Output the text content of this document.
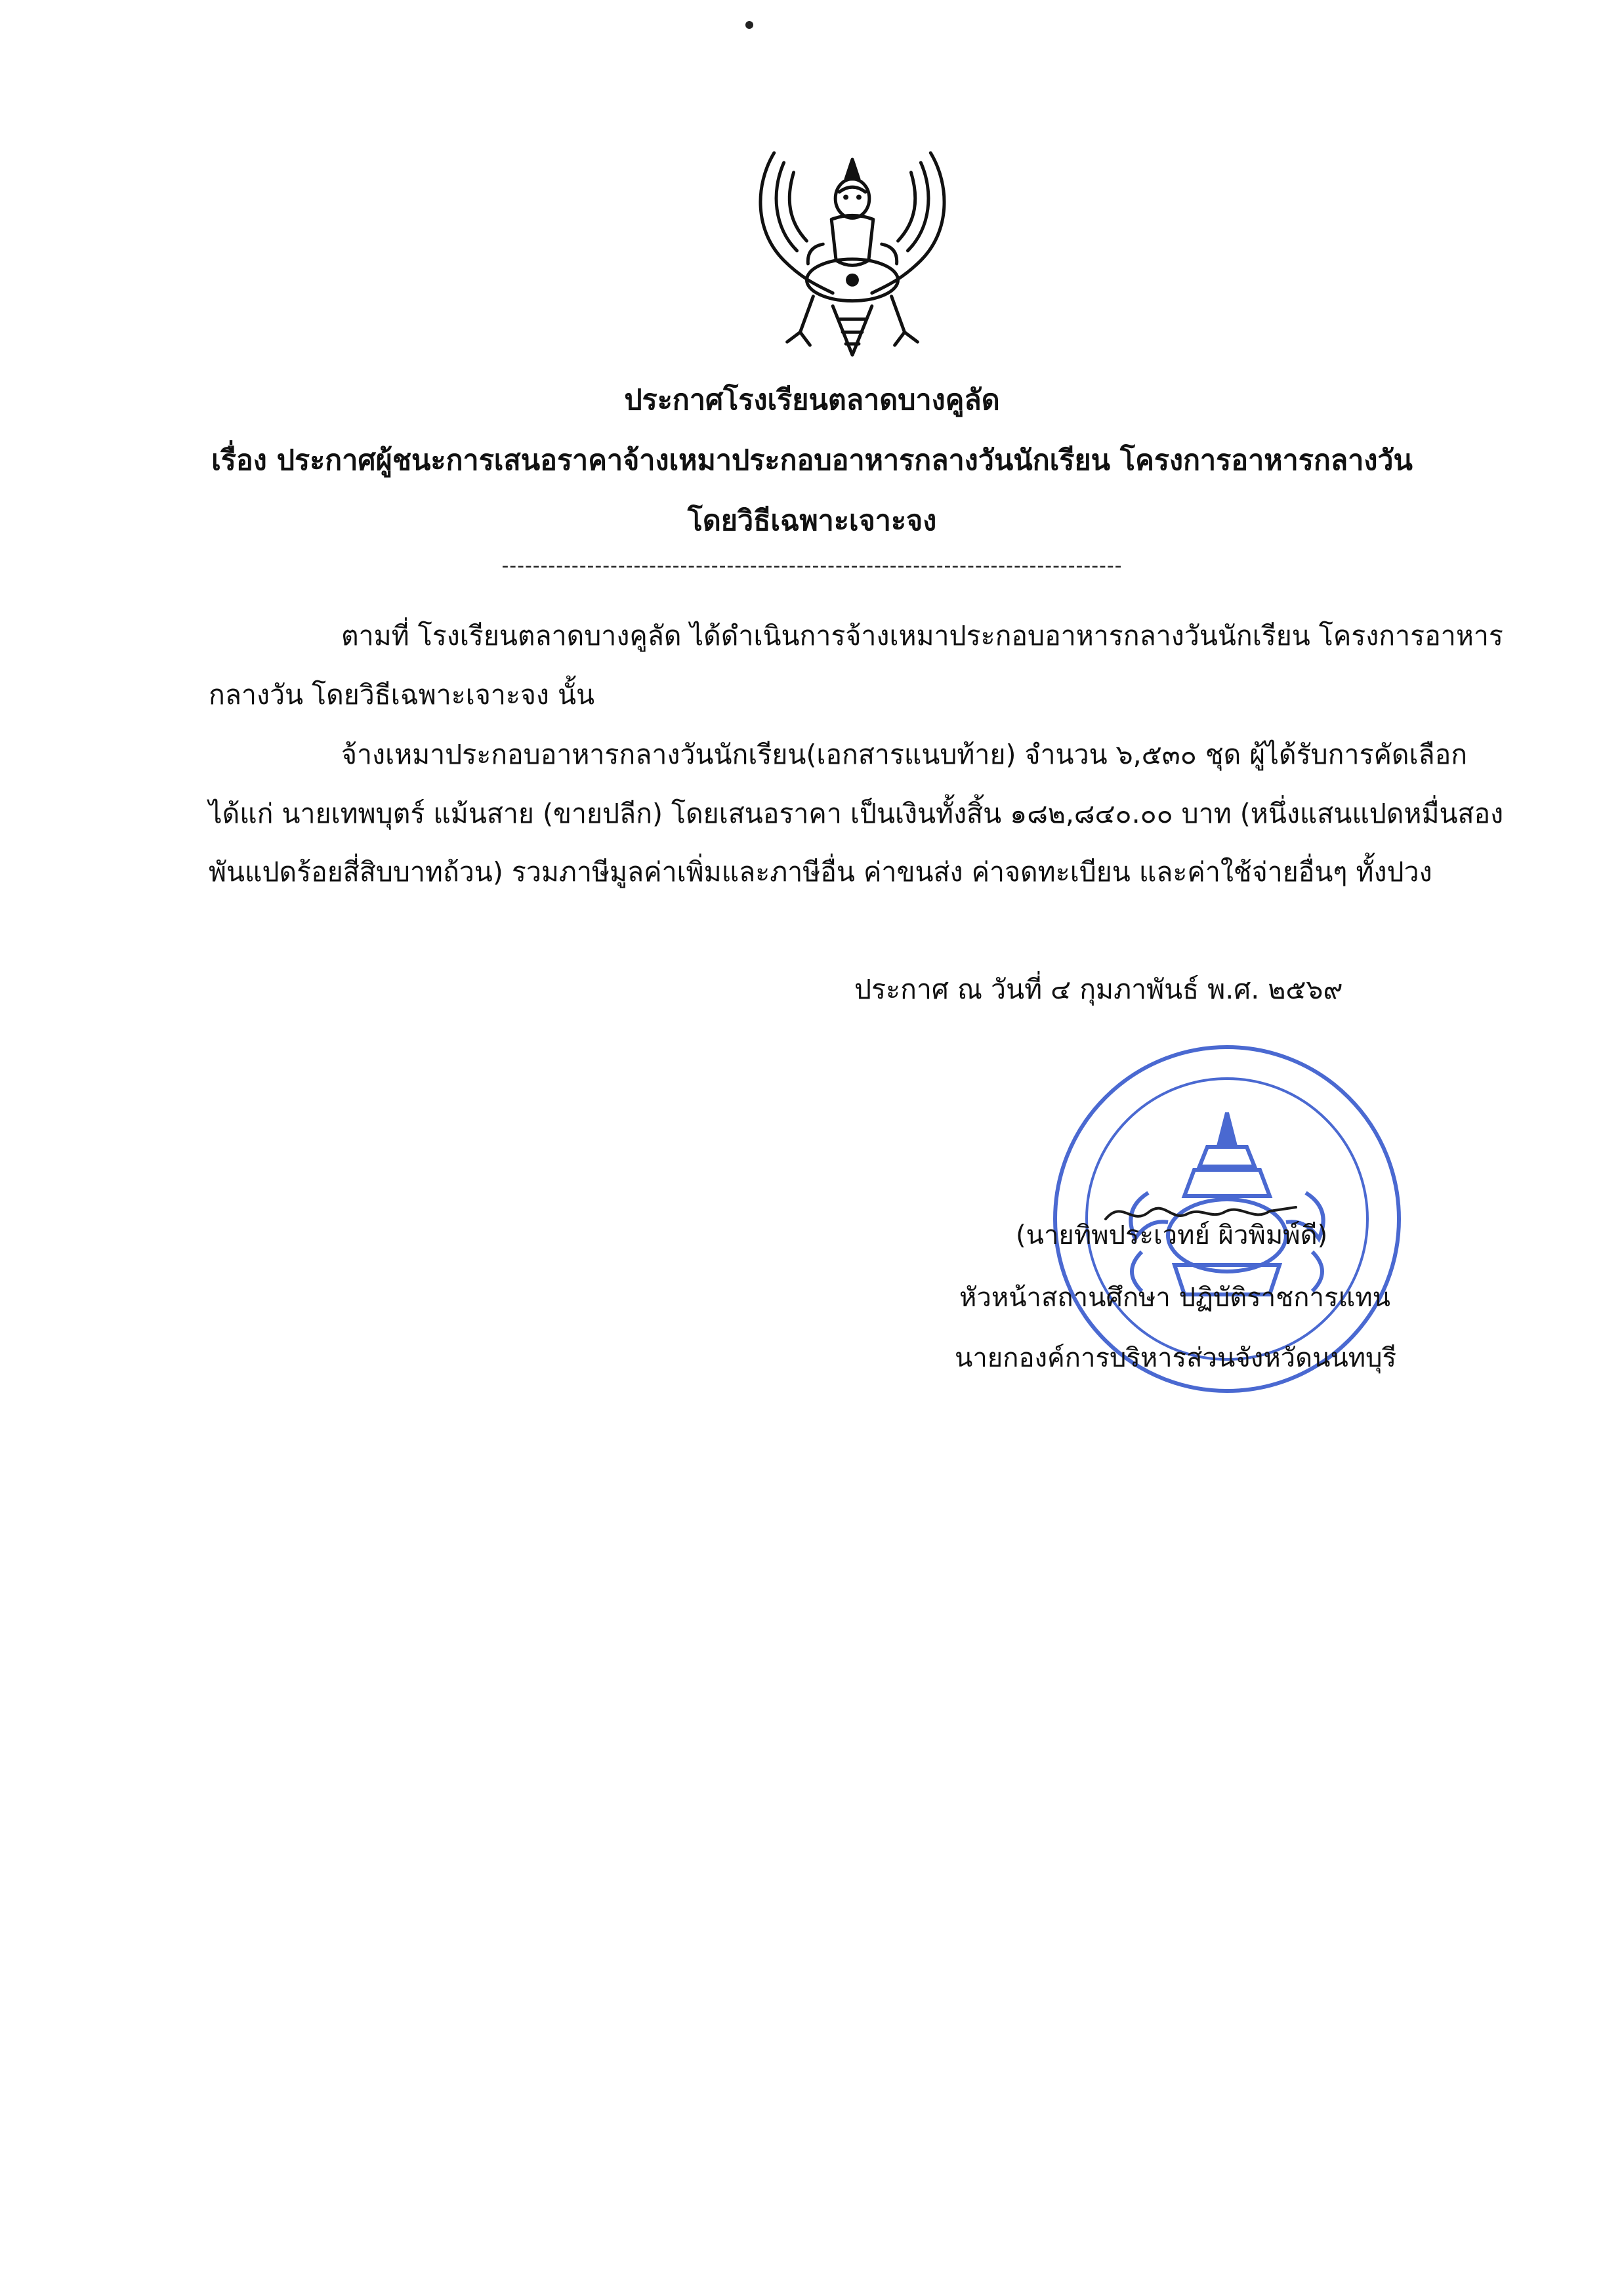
ประกาศโรงเรียนตลาดบางคูลัด
เรื่อง ประกาศผู้ชนะการเสนอราคาจ้างเหมาประกอบอาหารกลางวันนักเรียน โครงการอาหารกลางวัน
โดยวิธีเฉพาะเจาะจง
--------------------------------------------------------------------------------
ตามที่ โรงเรียนตลาดบางคูลัด ได้ดำเนินการจ้างเหมาประกอบอาหารกลางวันนักเรียน โครงการอาหาร
กลางวัน โดยวิธีเฉพาะเจาะจง นั้น
จ้างเหมาประกอบอาหารกลางวันนักเรียน(เอกสารแนบท้าย) จำนวน ๖,๕๓๐ ชุด ผู้ได้รับการคัดเลือก
ได้แก่ นายเทพบุตร์ แม้นสาย (ขายปลีก) โดยเสนอราคา เป็นเงินทั้งสิ้น ๑๘๒,๘๔๐.๐๐ บาท (หนึ่งแสนแปดหมื่นสอง
พันแปดร้อยสี่สิบบาทถ้วน) รวมภาษีมูลค่าเพิ่มและภาษีอื่น ค่าขนส่ง ค่าจดทะเบียน และค่าใช้จ่ายอื่นๆ ทั้งปวง
ประกาศ ณ วันที่ ๔ กุมภาพันธ์ พ.ศ. ๒๕๖๙
(นายทิพประเวทย์ ผิวพิมพ์ดี)
หัวหน้าสถานศึกษา ปฏิบัติราชการแทน
นายกองค์การบริหารส่วนจังหวัดนนทบุรี
